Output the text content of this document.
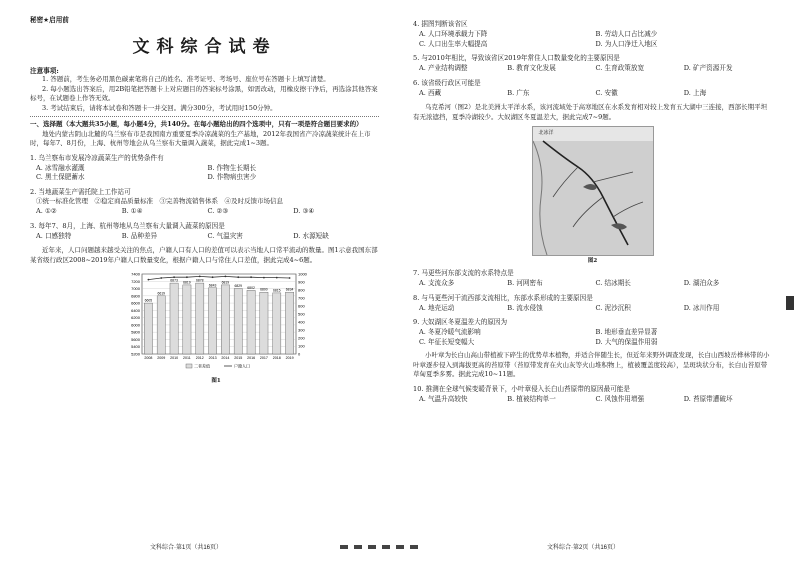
秘密★启用前
文科综合试卷
注意事项:
1. 答题前，考生务必用黑色碳素笔将自己的姓名、准考证号、考场号、座位号在答题卡上填写清楚。
2. 每小题选出答案后，用2B铅笔把答题卡上对应题目的答案标号涂黑，如需改动，用橡皮擦干净后，再选涂其他答案标号，在试题卷上作答无效。
3. 考试结束后，请将本试卷和答题卡一并交回。满分300分，考试用时150分钟。
一、选择题（本大题共35小题，每小题4分，共140分。在每小题给出的四个选项中，只有一项是符合题目要求的）
地处内蒙古阴山北麓的乌兰察布市是我国南方重要夏季冷凉蔬菜的生产基地，2012年我国省产冷凉蔬菜统计在上市时，每年7、8月份，上海、杭州等地会从乌兰察布大量调入蔬菜，据此完成1~3题。
1. 乌兰察布市发展冷凉蔬菜生产的优势条件有
A. 冰雪融水灌溉	B. 作物生长期长
C. 黑土保肥蓄水	D. 作物病虫害少
2. 当地蔬菜生产需托院上工作站可
①统一标准化管理　②稳定商品质量标准　③完善物流销售体系　④及时反馈市场信息
A. ①②	B. ①④	C. ②③	D. ③④
3. 每年7、8月，上海、杭州等地从乌兰察布大量调入蔬菜的原因是
A. 口感独特	B. 品种差异	C. 气温灾害	D. 水源短缺
近年来，人口问题越来越受关注的焦点，户籍人口有人口的差值可以表示当地人口常平流动的数量。图1示意我国东部某省级行政区2008~2019年户籍人口数量变化，根据户籍人口与常住人口差值，据此完成4~6题。
5200
5400
5600
5800
6000
6200
6400
6600
6800
7000
7200
7400
0
100
200
300
400
500
600
700
800
900
1000
6605
2008
6619
2009
6873
2010
6819
2011
6878
2012
6843
2013
6819
2014
6829
2015
6802
2016
6800
2017
6815
2018
6834
2019
二者差值	户籍人口
图1
文科综合·第1页（共16页）
4. 据图判断该省区
A. 人口环境承载力下降	B. 劳动人口占比减少
C. 人口出生率大幅提高	D. 为人口净迁入地区
5. 与2010年相比，导致该省区2019年常住人口数量变化的主要原因是
A. 产业结构调整	B. 教育文化发展	C. 生育政策放宽	D. 矿产资源开发
6. 该省级行政区可能是
A. 西藏	B. 广东	C. 安徽	D. 上海
乌克希河（图2）是北美洲太平洋水系，该河流域处于高寒地区在水系发育相对较上发育五大湖中三连接，西部长期平坦有无浓遮挡，夏季冷湖较少。大奴湖区冬夏温差大，据此完成7~9题。
北冰洋
图2
7. 马更些河东部支流的水系特点是
A. 支流众多	B. 河网密布	C. 结冰期长	D. 湖泊众多
8. 与马更些河干流西部支流相比，东部水系形成的主要原因是
A. 地壳运动	B. 流水侵蚀	C. 泥沙沉积	D. 冰川作用
9. 大奴湖区冬夏温差大的原因为
A. 冬夏冷暖气流影响	B. 地形垂直差异显著
C. 年征长短变幅大	D. 大气的保温作用弱
小叶章为长白山高山带植被下碎生的优势草本植物，并适合伴随生长，但近年来野外调查发现，长白山西坡岳桦林带的小叶章逐步侵入到海拔更高的苔原带（苔原带发育在火山灰等火山堆积物上，植被覆盖度较高），呈斑块状分布，长白山苔原带草甸夏季多雾。据此完成10~11题。
10. 推测在全球气候变暖背景下，小叶章侵入长白山苔原带的原因最可能是
A. 气温升高较快	B. 植被结构单一	C. 风蚀作用增强	D. 苔原带遭破坏
文科综合·第2页（共16页）
